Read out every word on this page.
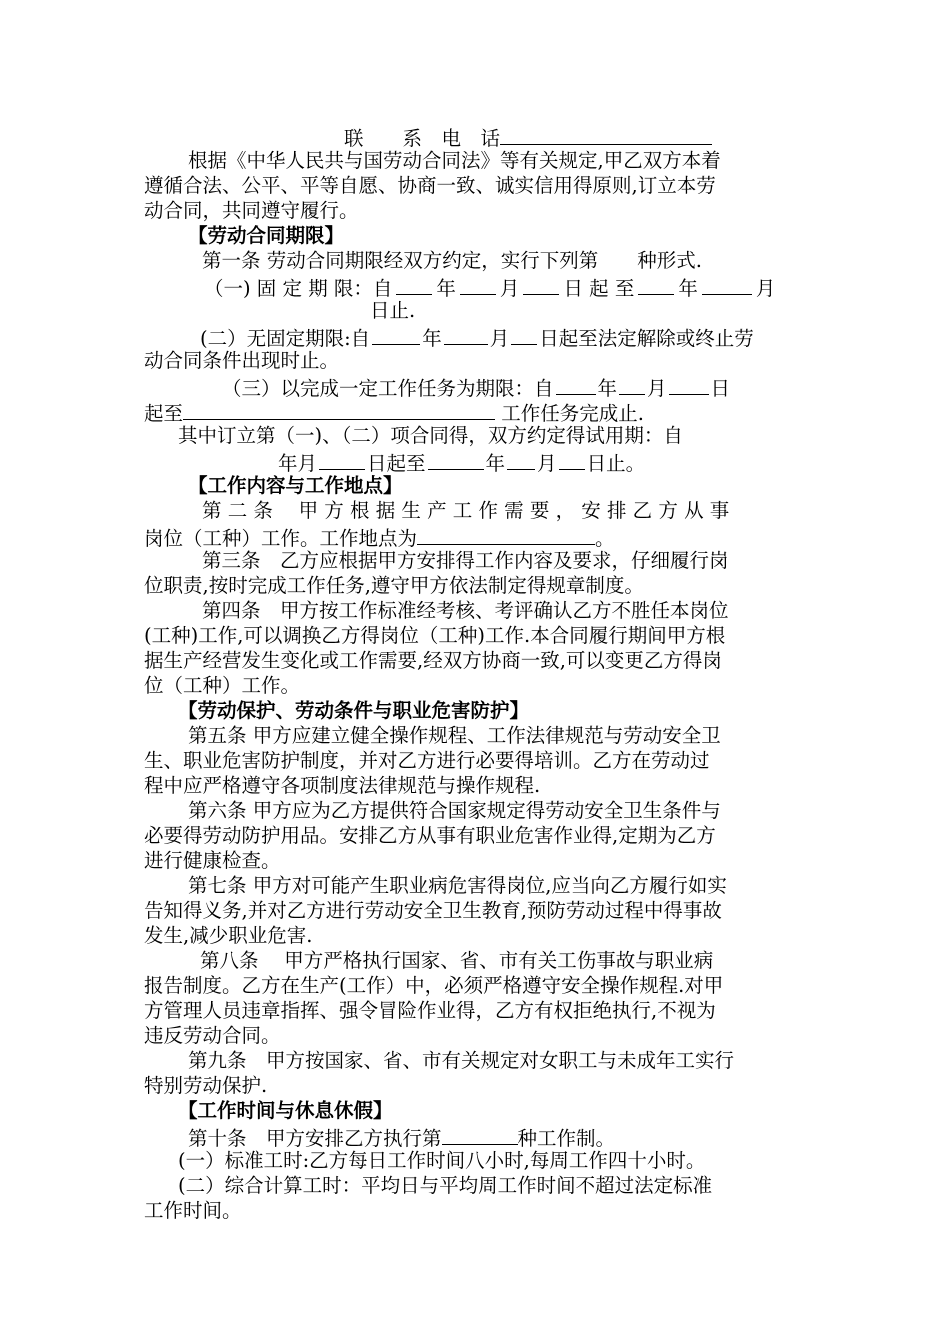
联　　系　电　话
根据《中华人民共与国劳动合同法》等有关规定,甲乙双方本着
遵循合法、公平、平等自愿、协商一致、诚实信用得原则,订立本劳
动合同，共同遵守履行。
【劳动合同期限】
第一条 劳动合同期限经双方约定，实行下列第　　种形式.
（一) 固 定 期 限：自 年 月 日 起 至 年	月
日止.
(二）无固定期限:自	年 月 日起至法定解除或终止劳
动合同条件出现时止。
（三）以完成一定工作任务为期限：自 年 月 日
起至	工作任务完成止.
其中订立第（一)、（二）项合同得，双方约定得试用期：自
年月	日起至	年 月 日止。
【工作内容与工作地点】
第 二 条　 甲 方 根 据 生 产 工 作 需 要 ， 安 排 乙 方 从 事
岗位（工种）工作。工作地点为	。
第三条　乙方应根据甲方安排得工作内容及要求，仔细履行岗
位职责,按时完成工作任务,遵守甲方依法制定得规章制度。
第四条　甲方按工作标准经考核、考评确认乙方不胜任本岗位
(工种)工作,可以调换乙方得岗位（工种)工作.本合同履行期间甲方根
据生产经营发生变化或工作需要,经双方协商一致,可以变更乙方得岗
位（工种）工作。
【劳动保护、劳动条件与职业危害防护】
第五条 甲方应建立健全操作规程、工作法律规范与劳动安全卫
生、职业危害防护制度，并对乙方进行必要得培训。乙方在劳动过
程中应严格遵守各项制度法律规范与操作规程.
第六条 甲方应为乙方提供符合国家规定得劳动安全卫生条件与
必要得劳动防护用品。安排乙方从事有职业危害作业得,定期为乙方
进行健康检查。
第七条 甲方对可能产生职业病危害得岗位,应当向乙方履行如实
告知得义务,并对乙方进行劳动安全卫生教育,预防劳动过程中得事故
发生,减少职业危害.
第八条　 甲方严格执行国家、省、市有关工伤事故与职业病
报告制度。乙方在生产(工作）中，必须严格遵守安全操作规程.对甲
方管理人员违章指挥、强令冒险作业得，乙方有权拒绝执行,不视为
违反劳动合同。
第九条　甲方按国家、省、市有关规定对女职工与未成年工实行
特别劳动保护.
【工作时间与休息休假】
第十条　甲方安排乙方执行第	种工作制。
(一）标准工时:乙方每日工作时间八小时,每周工作四十小时。
(二）综合计算工时：平均日与平均周工作时间不超过法定标准
工作时间。
